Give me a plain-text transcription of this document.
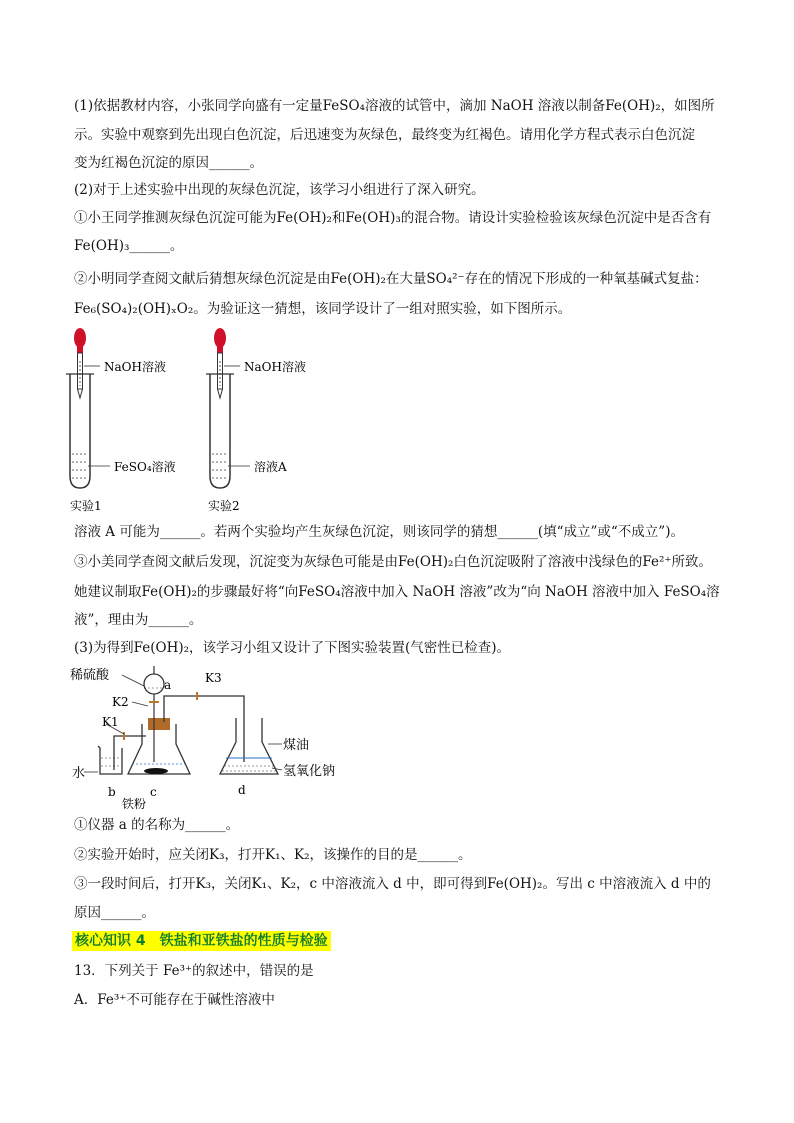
(1)依据教材内容，小张同学向盛有一定量FeSO₄溶液的试管中，滴加 NaOH 溶液以制备Fe(OH)₂，如图所
示。实验中观察到先出现白色沉淀，后迅速变为灰绿色，最终变为红褐色。请用化学方程式表示白色沉淀
变为红褐色沉淀的原因______。
(2)对于上述实验中出现的灰绿色沉淀，该学习小组进行了深入研究。
①小王同学推测灰绿色沉淀可能为Fe(OH)₂和Fe(OH)₃的混合物。请设计实验检验该灰绿色沉淀中是否含有
Fe(OH)₃______。
②小明同学查阅文献后猜想灰绿色沉淀是由Fe(OH)₂在大量SO₄²⁻存在的情况下形成的一种氧基碱式复盐：
Fe₆(SO₄)₂(OH)ₓO₂。为验证这一猜想，该同学设计了一组对照实验，如下图所示。
NaOH溶液
FeSO₄溶液
实验1
NaOH溶液
溶液A
实验2
溶液 A 可能为______。若两个实验均产生灰绿色沉淀，则该同学的猜想______(填“成立”或“不成立”)。
③小美同学查阅文献后发现，沉淀变为灰绿色可能是由Fe(OH)₂白色沉淀吸附了溶液中浅绿色的Fe²⁺所致。
她建议制取Fe(OH)₂的步骤最好将“向FeSO₄溶液中加入 NaOH 溶液”改为“向 NaOH 溶液中加入 FeSO₄溶
液”，理由为______。
(3)为得到Fe(OH)₂，该学习小组又设计了下图实验装置(气密性已检查)。
稀硫酸
a	K3
K2
K1
水
b
铁粉
c
煤油
氢氧化钠
d
①仪器 a 的名称为______。
②实验开始时，应关闭K₃，打开K₁、K₂，该操作的目的是______。
③一段时间后，打开K₃，关闭K₁、K₂，c 中溶液流入 d 中，即可得到Fe(OH)₂。写出 c 中溶液流入 d 中的
原因______。
核心知识 4　铁盐和亚铁盐的性质与检验
13．下列关于 Fe³⁺的叙述中，错误的是
A．Fe³⁺不可能存在于碱性溶液中
